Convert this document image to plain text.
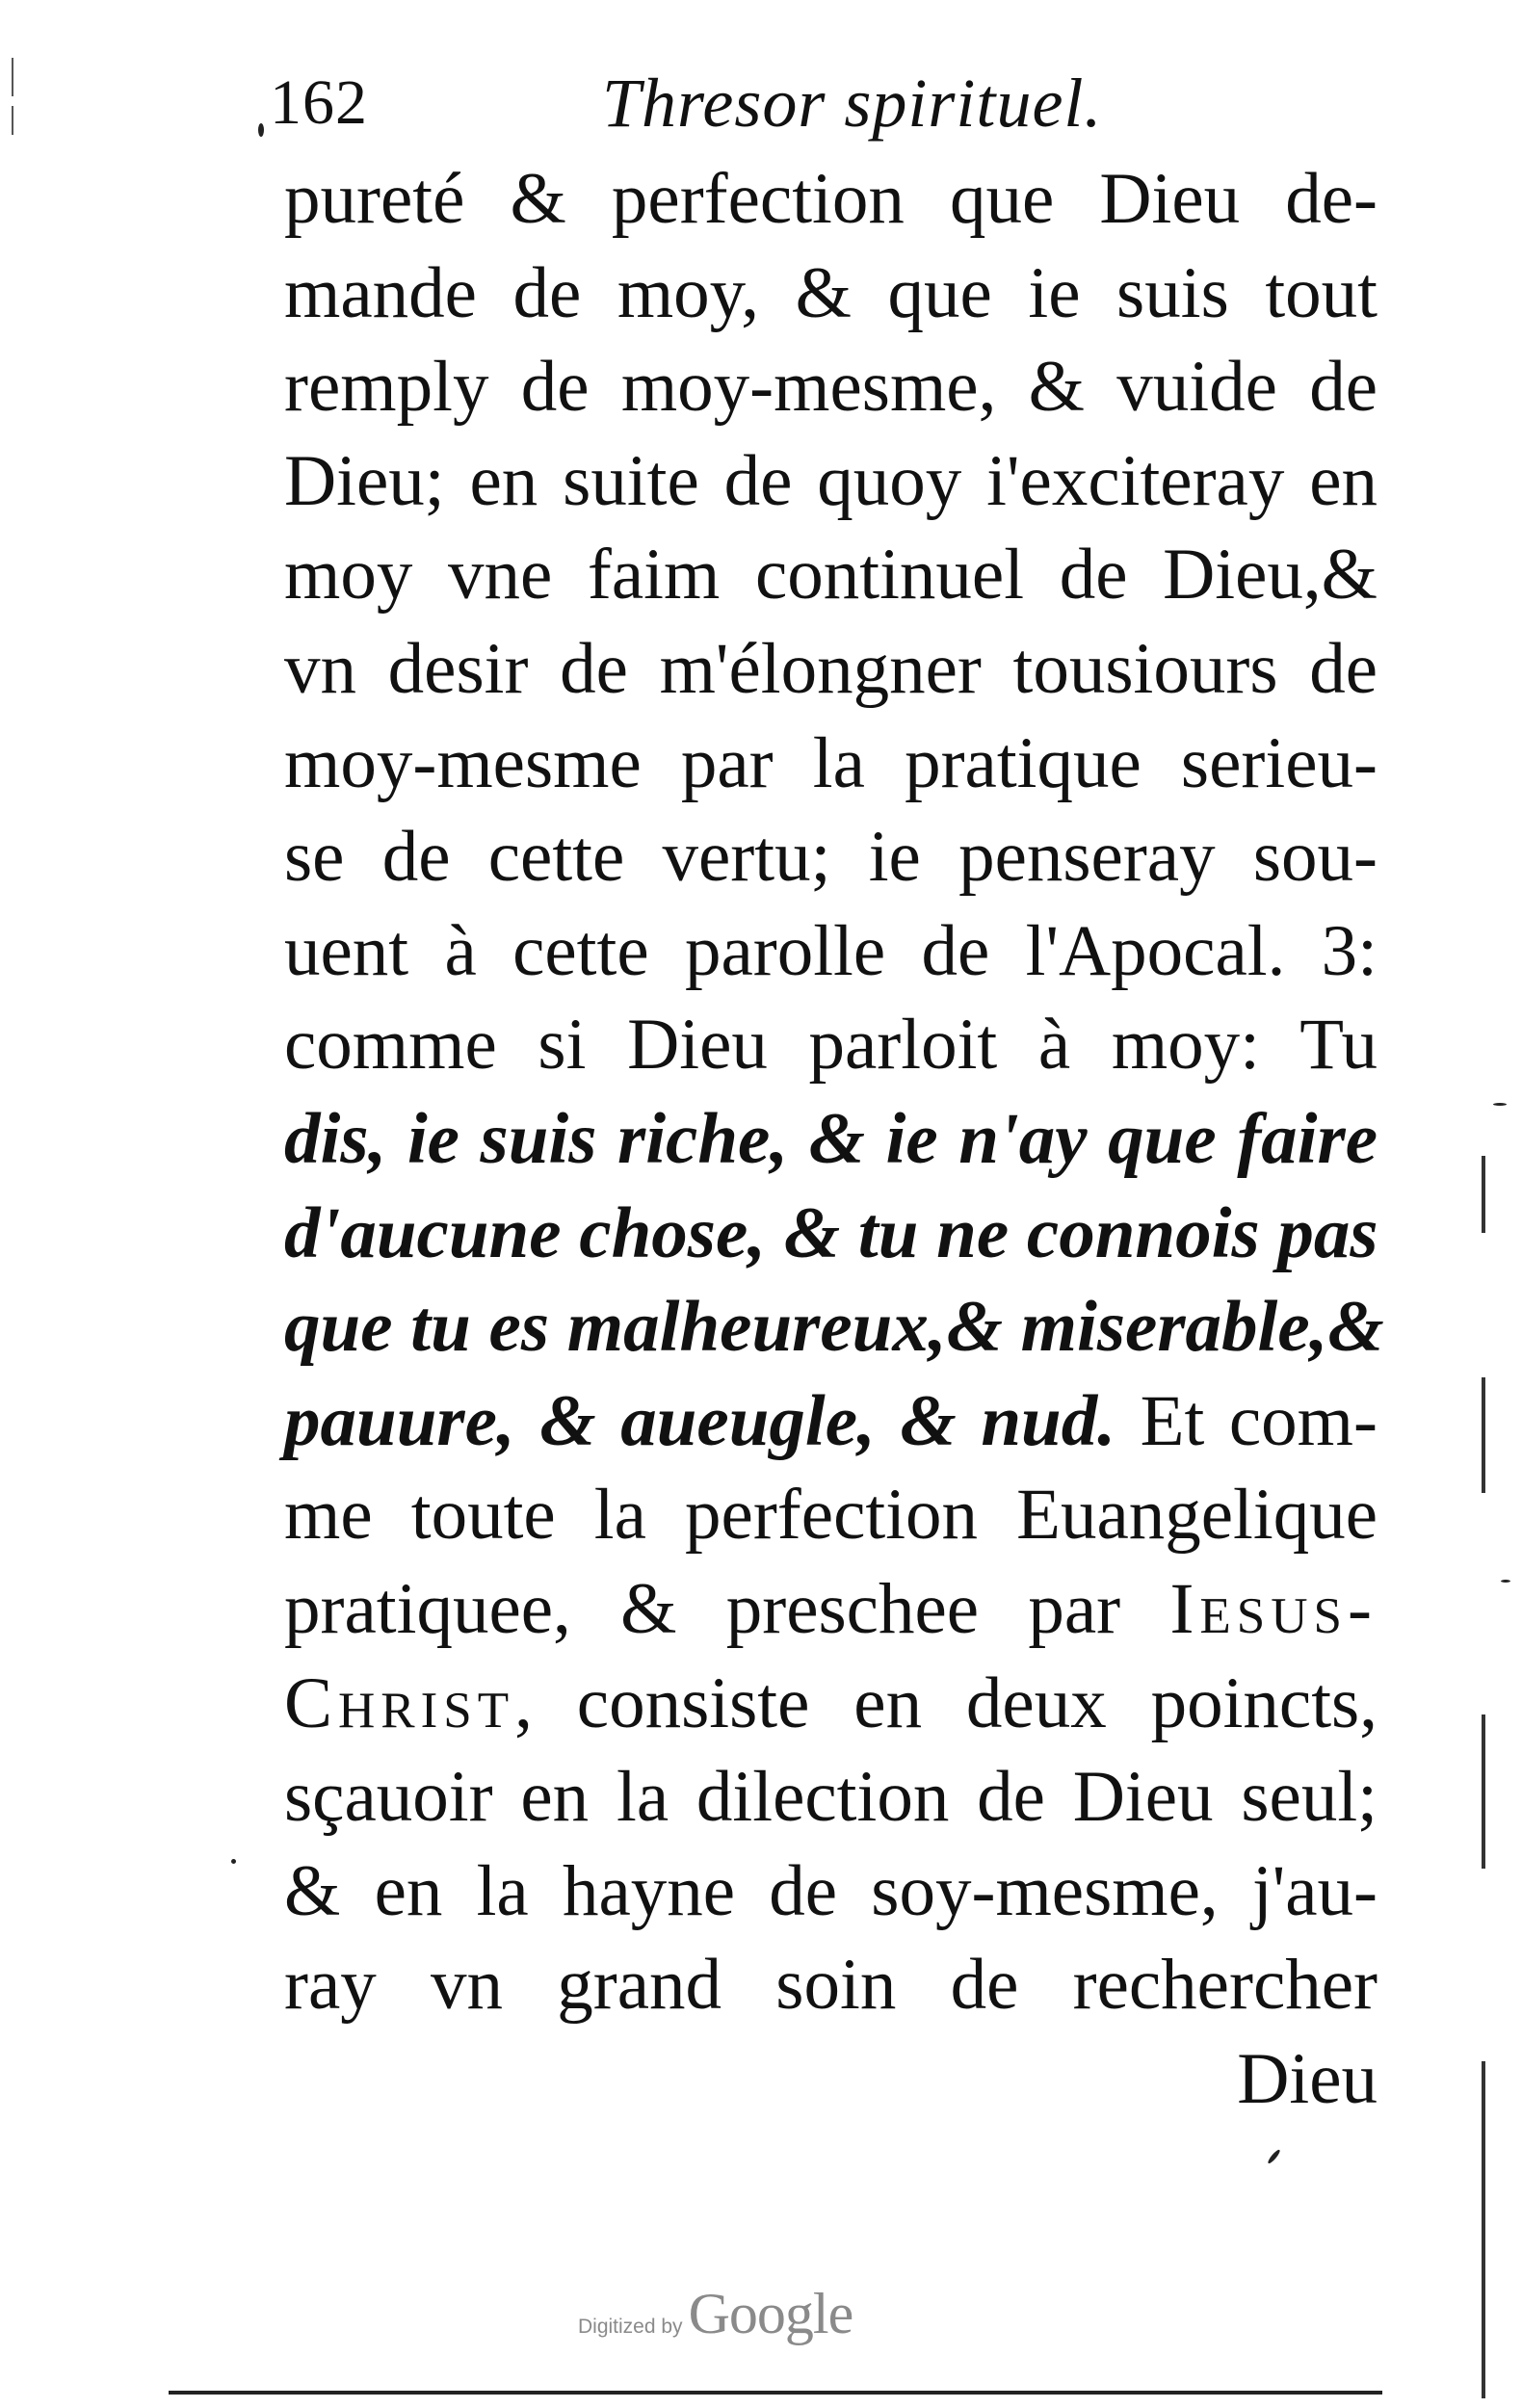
162	Thresor spirituel.
pureté & perfection que Dieu de-
mande de moy, & que ie suis tout
remply de moy-mesme, & vuide de
Dieu; en suite de quoy i'exciteray en
moy vne faim continuel de Dieu,&
vn desir de m'élongner tousiours de
moy-mesme par la pratique serieu-
se de cette vertu; ie penseray sou-
uent à cette parolle de l'Apocal. 3:
comme si Dieu parloit à moy: Tu
dis, ie suis riche, & ie n'ay que faire
d'aucune chose, & tu ne connois pas
que tu es malheureux,& miserable,&
pauure, & aueugle, & nud. Et com-
me toute la perfection Euangelique
pratiquee, & preschee par Iesus-
Christ, consiste en deux poincts,
sçauoir en la dilection de Dieu seul;
& en la hayne de soy-mesme, j'au-
ray vn grand soin de rechercher
Dieu
Digitized by Google
